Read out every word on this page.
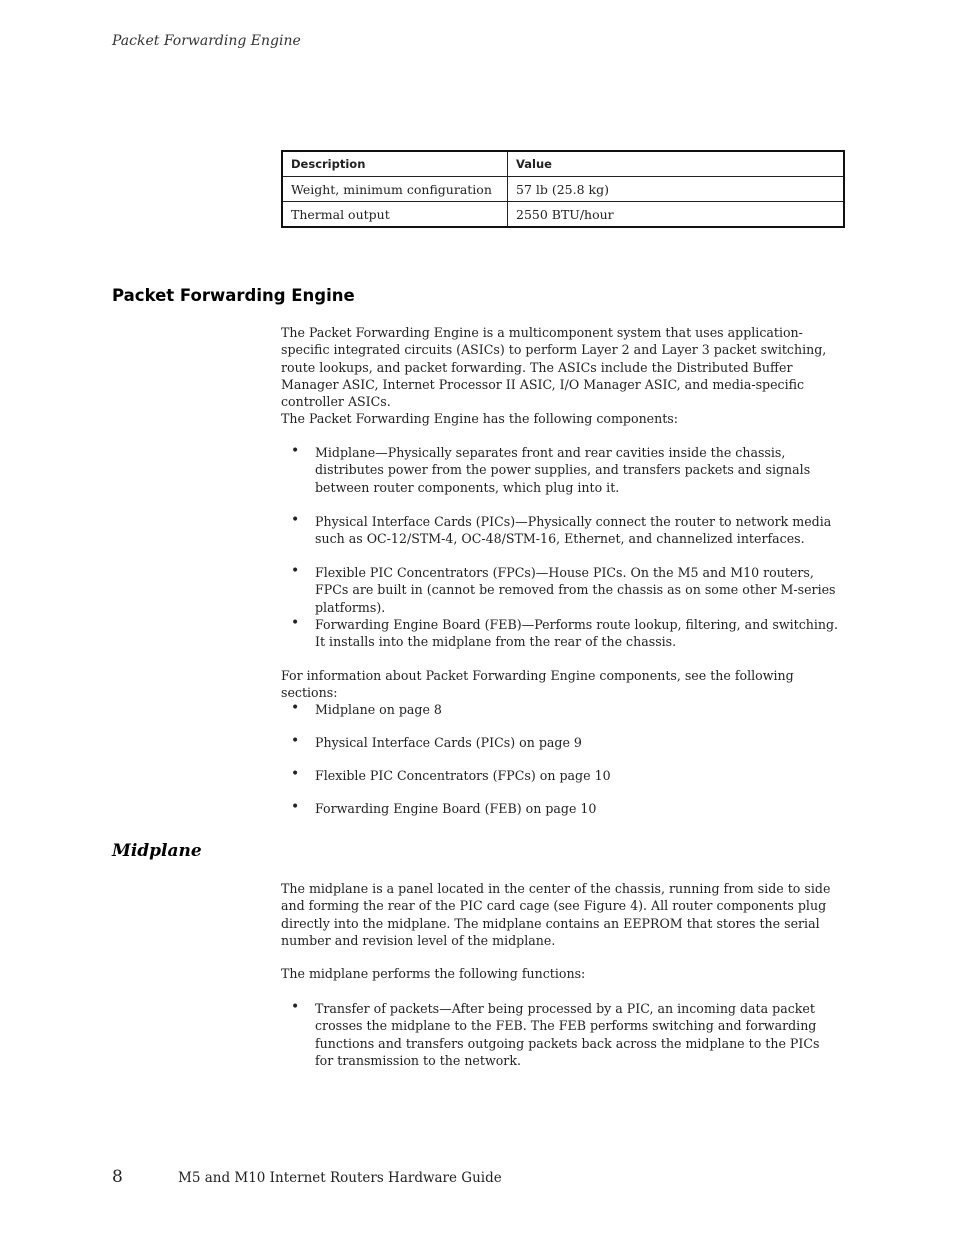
Packet Forwarding Engine
Description	Value
Weight, minimum configuration	57 lb (25.8 kg)
Thermal output	2550 BTU/hour
Packet Forwarding Engine

The Packet Forwarding Engine is a multicomponent system that uses application-specific integrated circuits (ASICs) to perform Layer 2 and Layer 3 packet switching, route lookups, and packet forwarding. The ASICs include the Distributed Buffer Manager ASIC, Internet Processor II ASIC, I/O Manager ASIC, and media-specific controller ASICs.

The Packet Forwarding Engine has the following components:

• Midplane—Physically separates front and rear cavities inside the chassis, distributes power from the power supplies, and transfers packets and signals between router components, which plug into it.
• Physical Interface Cards (PICs)—Physically connect the router to network media such as OC-12/STM-4, OC-48/STM-16, Ethernet, and channelized interfaces.
• Flexible PIC Concentrators (FPCs)—House PICs. On the M5 and M10 routers, FPCs are built in (cannot be removed from the chassis as on some other M-series platforms).
• Forwarding Engine Board (FEB)—Performs route lookup, filtering, and switching. It installs into the midplane from the rear of the chassis.

For information about Packet Forwarding Engine components, see the following sections:

• Midplane on page 8
• Physical Interface Cards (PICs) on page 9
• Flexible PIC Concentrators (FPCs) on page 10
• Forwarding Engine Board (FEB) on page 10
Midplane

The midplane is a panel located in the center of the chassis, running from side to side and forming the rear of the PIC card cage (see Figure 4). All router components plug directly into the midplane. The midplane contains an EEPROM that stores the serial number and revision level of the midplane.

The midplane performs the following functions:

• Transfer of packets—After being processed by a PIC, an incoming data packet crosses the midplane to the FEB. The FEB performs switching and forwarding functions and transfers outgoing packets back across the midplane to the PICs for transmission to the network.
8	M5 and M10 Internet Routers Hardware Guide
